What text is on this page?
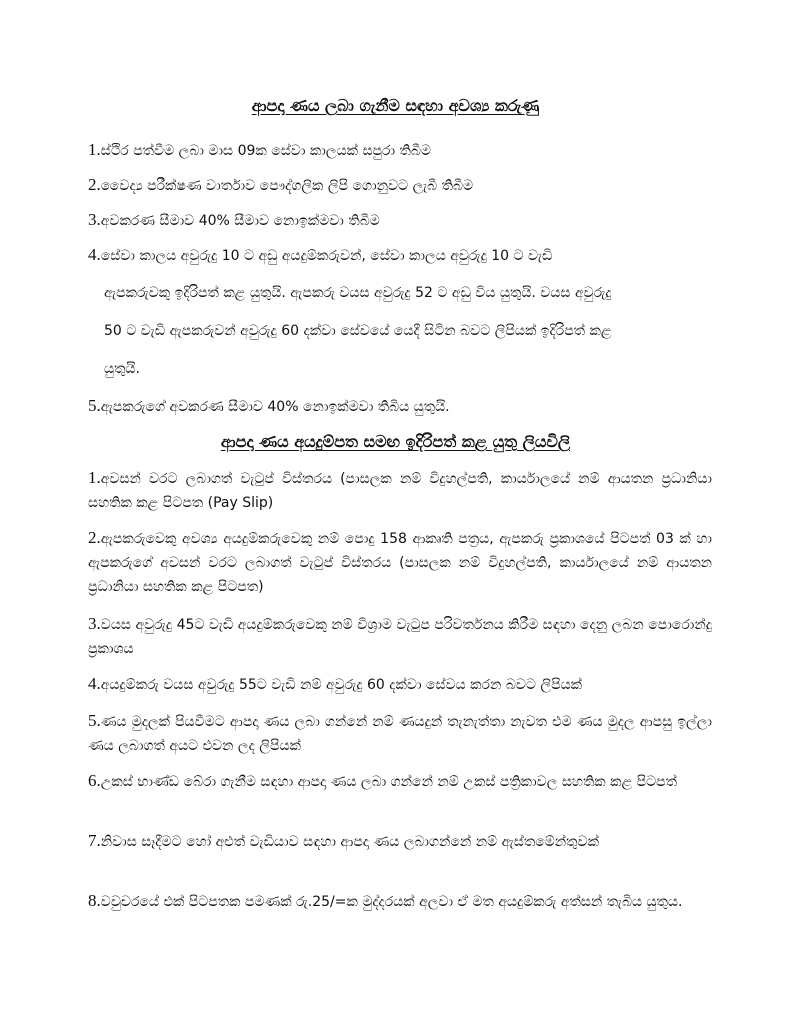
ආපදා ණය ලබා ගැනීම සඳහා අවශ්‍ය කරුණු
1.ස්ථිර පත්වීම ලබා මාස 09ක සේවා කාලයක් සපුරා තිබීම
2.වෛද්‍ය පරීක්ෂණ වාර්තාව පෞද්ගලික ලිපි ගොනුවට ලැබී තිබීම
3.අවකරණ සීමාව 40% සීමාව නොඉක්මවා තිබීම
4.සේවා කාලය අවුරුදු 10 ට අඩු අයදුම්කරුවන්, සේවා කාලය අවුරුදු 10 ට වැඩි
ඇපකරුවකු ඉදිරිපත් කළ යුතුයි. ඇපකරු වයස අවුරුදු 52 ට අඩු විය යුතුයි. වයස අවුරුදු
50 ට වැඩි ඇපකරුවන් අවුරුදු 60 දක්වා සේවයේ යෙදී සිටින බවට ලිපියක් ඉදිරිපත් කළ
යුතුයි.
5.ඇපකරුගේ අවකරණ සීමාව 40% නොඉක්මවා තිබිය යුතුයි.
ආපදා ණය අයදුම්පත සමඟ ඉදිරිපත් කළ යුතු ලියවිලි
1.අවසන් වරට ලබාගත් වැටුප් විස්තරය (පාසලක නම් විදුහල්පති, කාර්යාලයේ නම් ආයතන ප්‍රධානියා සහතික කළ පිටපත (Pay Slip)
2.ඇපකරුවෙකු අවශ්‍ය අයදුම්කරුවෙකු නම් පොදු 158 ආකෘති පත්‍රය, ඇපකරු ප්‍රකාශයේ පිටපත් 03 ක් හා ඇපකරුගේ අවසන් වරට ලබාගත් වැටුප් විස්තරය (පාසලක නම් විදුහල්පති, කාර්යාලයේ නම් ආයතන ප්‍රධානියා සහතික කළ පිටපත)
3.වයස අවුරුදු 45ට වැඩි අයදුම්කරුවෙකු නම් විශ්‍රාම වැටුප පරිවර්තනය කිරීම සඳහා දෙනු ලබන පොරොන්දු ප්‍රකාශය
4.අයදුම්කරු වයස අවුරුදු 55ට වැඩි නම් අවුරුදු 60 දක්වා සේවය කරන බවට ලිපියක්
5.ණය මුදලක් පියවීමට ආපදා ණය ලබා ගන්නේ නම් ණයදුන් තැනැත්තා නැවත එම ණය මුදල ආපසු ඉල්ලා ණය ලබාගත් අයට එවන ලද ලිපියක්
6.උකස් භාණ්ඩ බේරා ගැනීම සඳහා ආපදා ණය ලබා ගන්නේ නම් උකස් පත්‍රිකාවල සහතික කළ පිටපත්
7.නිවාස සෑදීමට හෝ අළුත් වැඩියාව සඳහා ආපදා ණය ලබාගන්නේ නම් ඇස්තමේන්තුවක්
8.වවුචරයේ එක් පිටපතක පමණක් රු.25/=ක මුද්දරයක් අලවා ඒ මත අයදුම්කරු අත්සන් තැබිය යුතුය.
